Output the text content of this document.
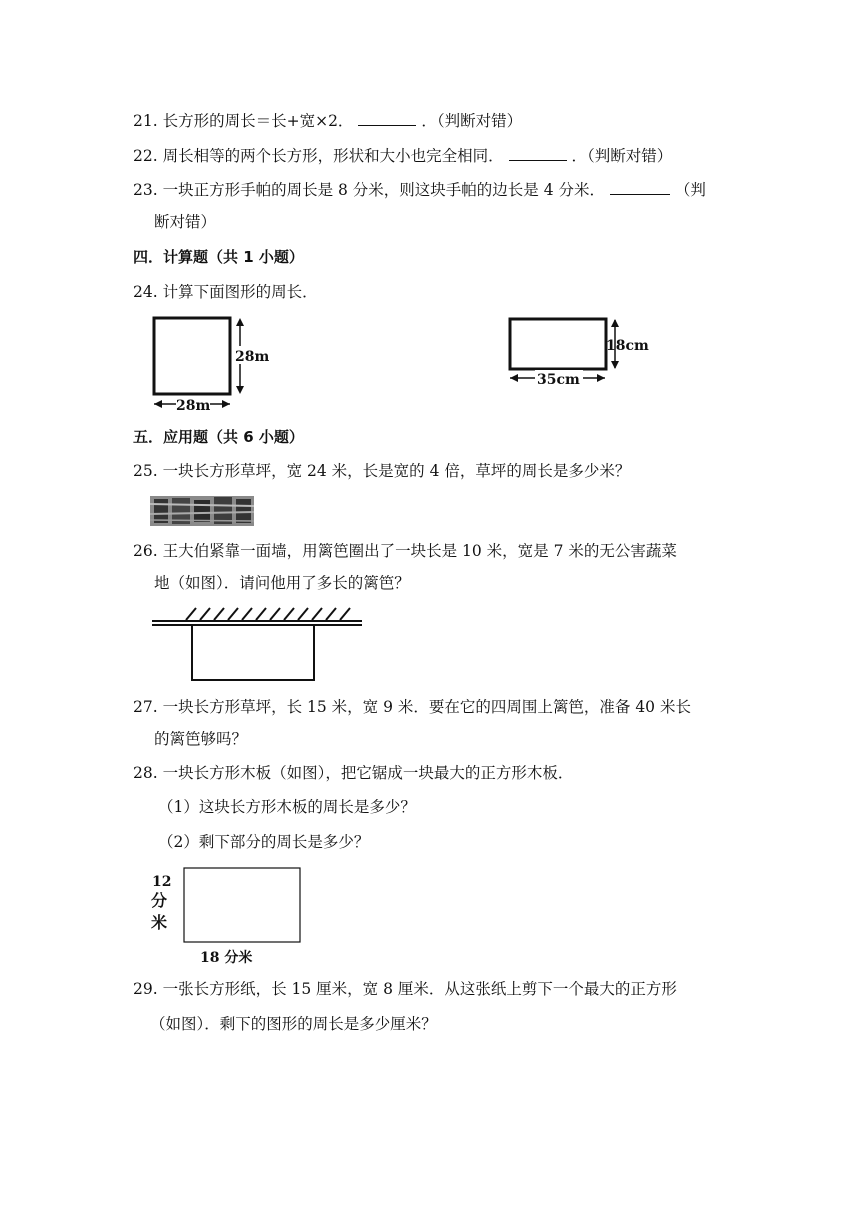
21. 长方形的周长＝长+宽×2．	．（判断对错）
22. 周长相等的两个长方形，形状和大小也完全相同．	．（判断对错）
23. 一块正方形手帕的周长是 8 分米，则这块手帕的边长是 4 分米．	（判
断对错）
四．计算题（共 1 小题）
24. 计算下面图形的周长．
28m
28m
18cm
35cm
五．应用题（共 6 小题）
25. 一块长方形草坪，宽 24 米，长是宽的 4 倍，草坪的周长是多少米？
26. 王大伯紧靠一面墙，用篱笆圈出了一块长是 10 米，宽是 7 米的无公害蔬菜
地（如图）．请问他用了多长的篱笆？
27. 一块长方形草坪，长 15 米，宽 9 米．要在它的四周围上篱笆，准备 40 米长
的篱笆够吗？
28. 一块长方形木板（如图），把它锯成一块最大的正方形木板．
（1）这块长方形木板的周长是多少？
（2）剩下部分的周长是多少？
12
分
米
18 分米
29. 一张长方形纸，长 15 厘米，宽 8 厘米．从这张纸上剪下一个最大的正方形
（如图）．剩下的图形的周长是多少厘米？
